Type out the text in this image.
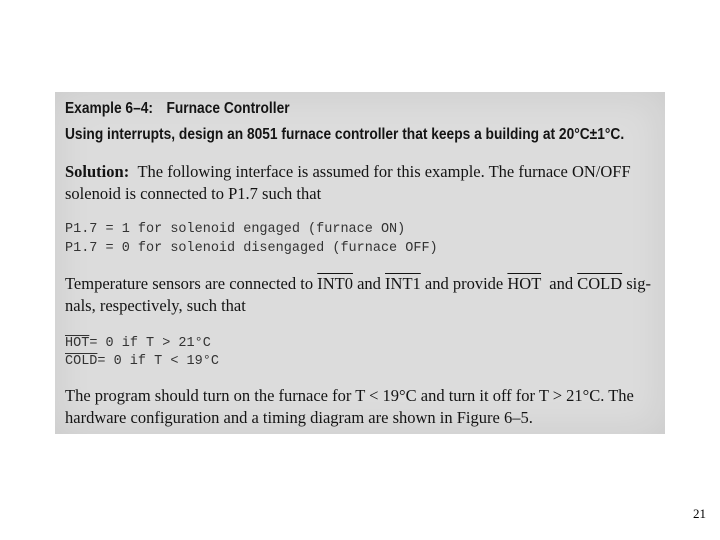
Example 6–4: Furnace Controller
Using interrupts, design an 8051 furnace controller that keeps a building at 20°C±1°C.
Solution: The following interface is assumed for this example. The furnace ON/OFF
solenoid is connected to P1.7 such that
P1.7 = 1 for solenoid engaged (furnace ON)
P1.7 = 0 for solenoid disengaged (furnace OFF)
Temperature sensors are connected to INT0 and INT1 and provide $\overline{HOT}$  and COLD sig-
nals, respectively, such that
$\overline{HOT}= 0$ if T > 21°C
COLD= 0 if T < 19°C
The program should turn on the furnace for T < 19°C and turn it off for T > 21°C. The
hardware configuration and a timing diagram are shown in Figure 6–5.
21
